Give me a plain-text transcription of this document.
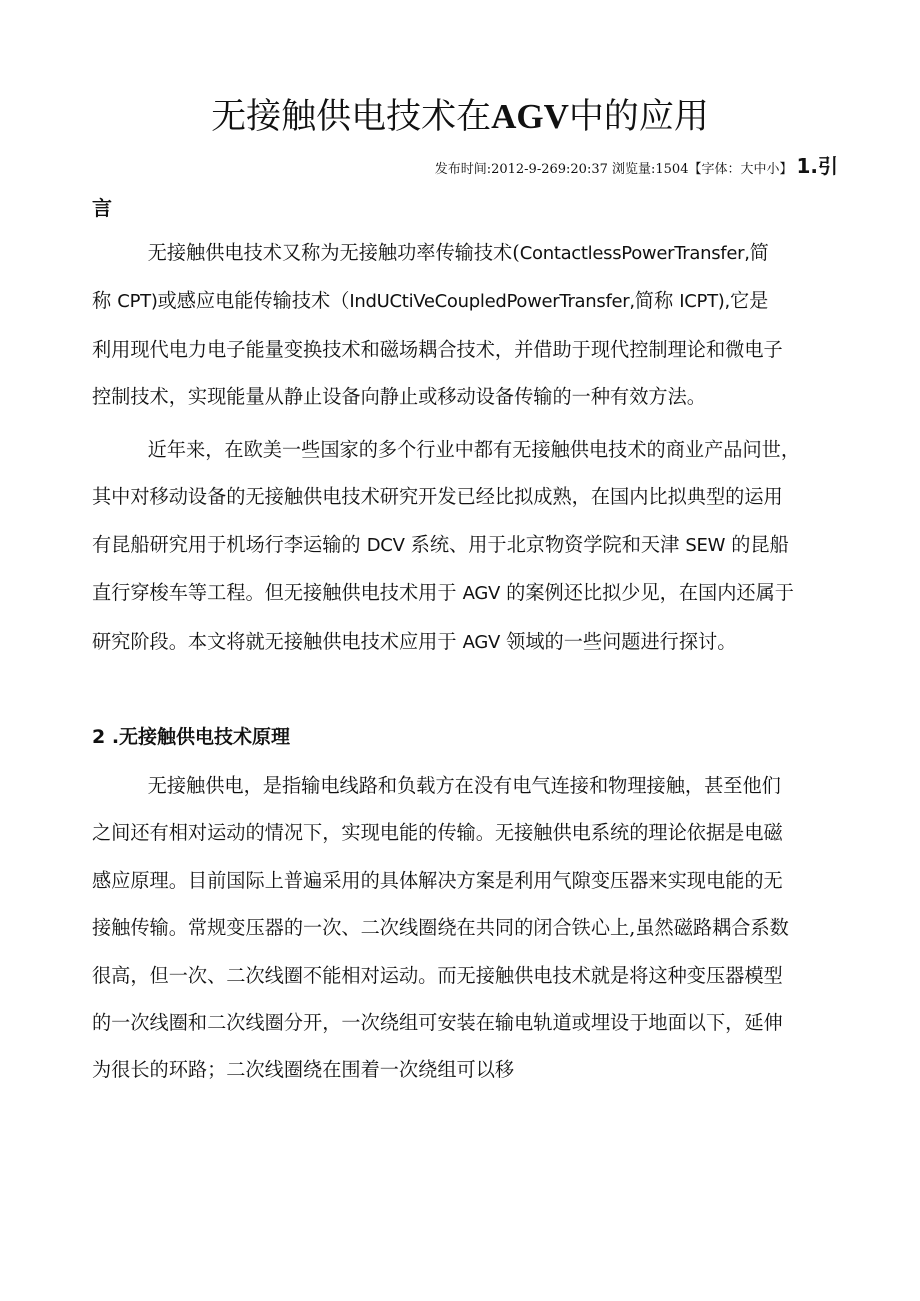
无接触供电技术在AGV中的应用
发布时间:2012-9-269:20:37 浏览量:1504【字体：大中小】 1.引
言
无接触供电技术又称为无接触功率传输技术(ContactlessPowerTransfer,简
称 CPT)或感应电能传输技术（IndUCtiVeCoupledPowerTransfer,简称 ICPT),它是
利用现代电力电子能量变换技术和磁场耦合技术，并借助于现代控制理论和微电子
控制技术，实现能量从静止设备向静止或移动设备传输的一种有效方法。
近年来，在欧美一些国家的多个行业中都有无接触供电技术的商业产品问世，
其中对移动设备的无接触供电技术研究开发已经比拟成熟，在国内比拟典型的运用
有昆船研究用于机场行李运输的 DCV 系统、用于北京物资学院和天津 SEW 的昆船
直行穿梭车等工程。但无接触供电技术用于 AGV 的案例还比拟少见，在国内还属于
研究阶段。本文将就无接触供电技术应用于 AGV 领域的一些问题进行探讨。
2 .无接触供电技术原理
无接触供电，是指输电线路和负载方在没有电气连接和物理接触，甚至他们
之间还有相对运动的情况下，实现电能的传输。无接触供电系统的理论依据是电磁
感应原理。目前国际上普遍采用的具体解决方案是利用气隙变压器来实现电能的无
接触传输。常规变压器的一次、二次线圈绕在共同的闭合铁心上,虽然磁路耦合系数
很高，但一次、二次线圈不能相对运动。而无接触供电技术就是将这种变压器模型
的一次线圈和二次线圈分开，一次绕组可安装在输电轨道或埋设于地面以下，延伸
为很长的环路；二次线圈绕在围着一次绕组可以移
